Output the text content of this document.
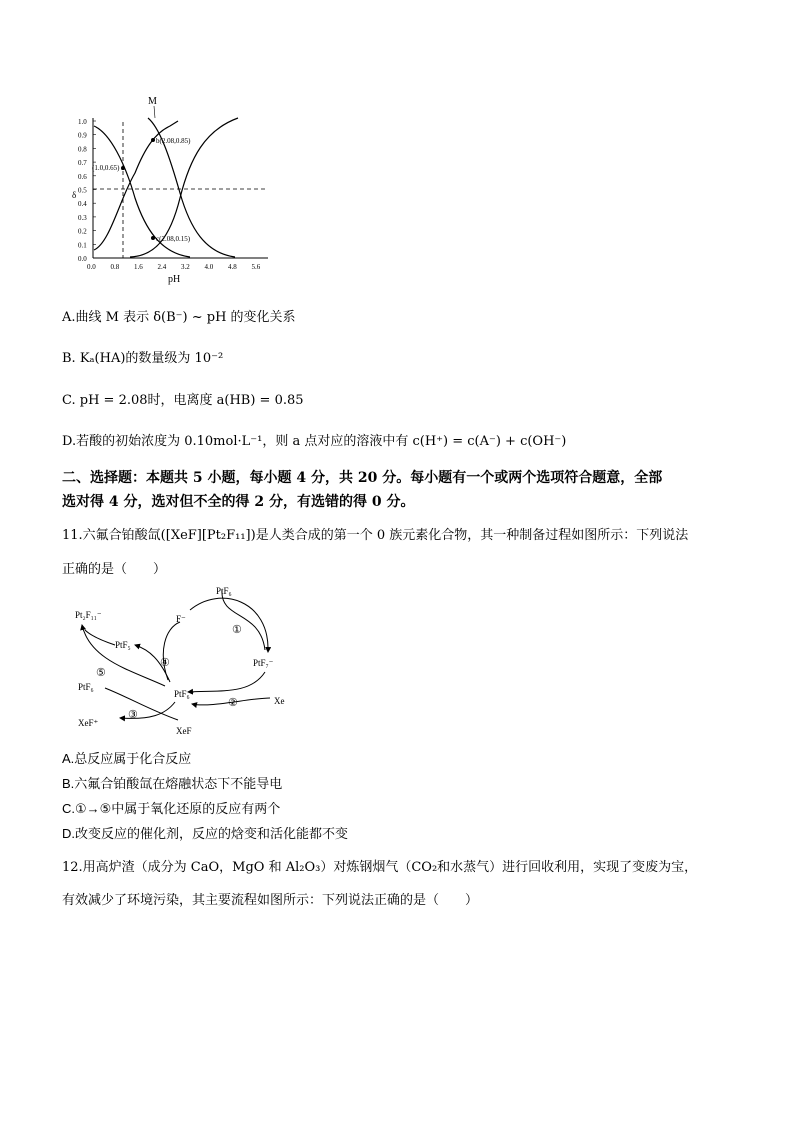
1.0
0.9
0.8
0.7
0.6
0.5
0.4
0.3
0.2
0.1
0.0
0.0 0.8 1.6 2.4 3.2 4.0 4.8 5.6
(1.0,0.65) a
b(2.08,0.85)
c(2.08,0.15)
M
δ
pH
A.曲线 M 表示 δ(B⁻) ~ pH 的变化关系
B. Kₐ(HA)的数量级为 10⁻²
C. pH = 2.08时，电离度 a(HB) = 0.85
D.若酸的初始浓度为 0.10mol·L⁻¹，则 a 点对应的溶液中有 c(H⁺) = c(A⁻) + c(OH⁻)
二、选择题：本题共 5 小题，每小题 4 分，共 20 分。每小题有一个或两个选项符合题意，全部
选对得 4 分，选对但不全的得 2 分，有选错的得 0 分。
11.六氟合铂酸氙([XeF][Pt₂F₁₁])是人类合成的第一个 0 族元素化合物，其一种制备过程如图所示：下列说法
正确的是（　　）
PtF₆
F⁻
①
Pt₂F₁₁⁻
PtF₅
④
⑤
PtF₇⁻
PtF₆
PtF₆⁻
②	Xe
③
XeF⁺
XeF
A.总反应属于化合反应
B.六氟合铂酸氙在熔融状态下不能导电
C.①→⑤中属于氧化还原的反应有两个
D.改变反应的催化剂，反应的焓变和活化能都不变
12.用高炉渣（成分为 CaO，MgO 和 Al₂O₃）对炼钢烟气（CO₂和水蒸气）进行回收利用，实现了变废为宝，
有效减少了环境污染，其主要流程如图所示：下列说法正确的是（　　）
